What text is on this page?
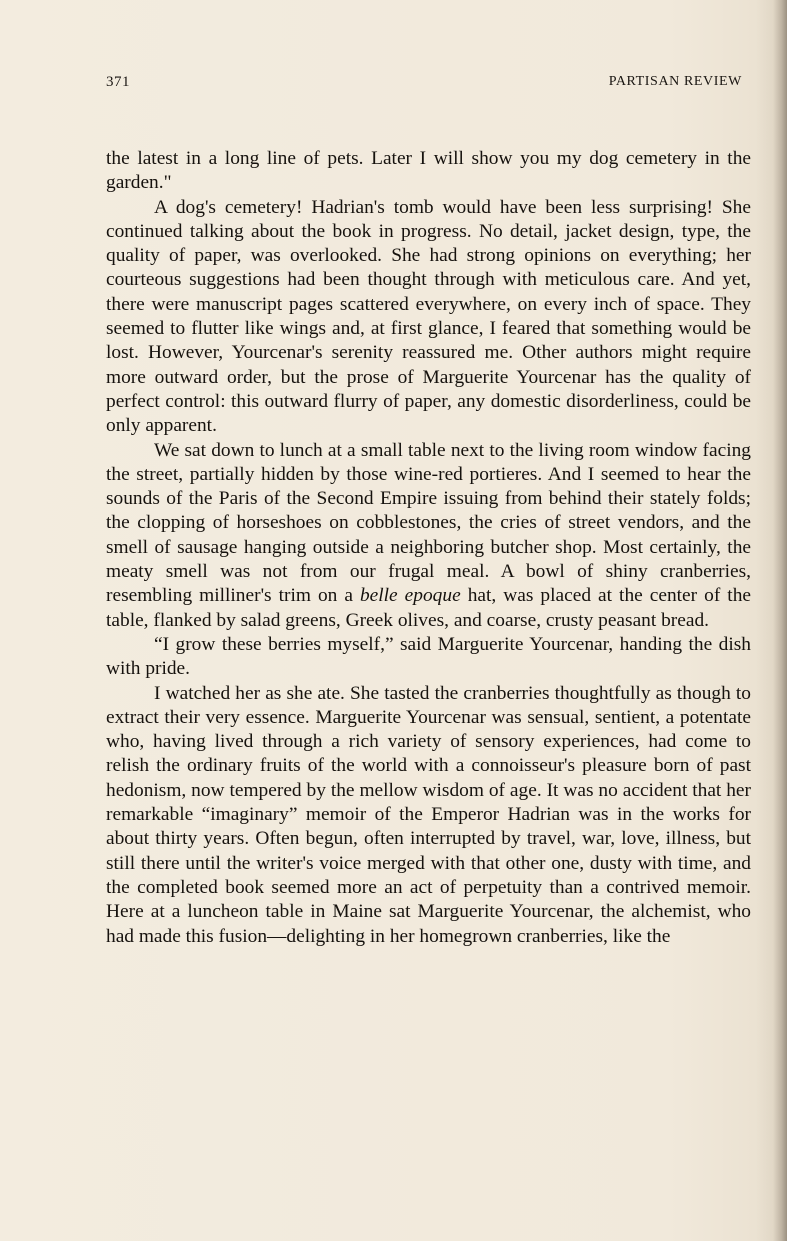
371	PARTISAN REVIEW

the latest in a long line of pets. Later I will show you my dog cemetery in the garden."

A dog's cemetery! Hadrian's tomb would have been less surprising! She continued talking about the book in progress. No detail, jacket design, type, the quality of paper, was overlooked. She had strong opinions on everything; her courteous suggestions had been thought through with meticulous care. And yet, there were manuscript pages scattered everywhere, on every inch of space. They seemed to flutter like wings and, at first glance, I feared that something would be lost. However, Yourcenar's serenity reassured me. Other authors might require more outward order, but the prose of Marguerite Yourcenar has the quality of perfect control: this outward flurry of paper, any domestic disorderliness, could be only apparent.

We sat down to lunch at a small table next to the living room window facing the street, partially hidden by those wine-red portieres. And I seemed to hear the sounds of the Paris of the Second Empire issuing from behind their stately folds; the clopping of horseshoes on cobblestones, the cries of street vendors, and the smell of sausage hanging outside a neighboring butcher shop. Most certainly, the meaty smell was not from our frugal meal. A bowl of shiny cranberries, resembling milliner's trim on a belle epoque hat, was placed at the center of the table, flanked by salad greens, Greek olives, and coarse, crusty peasant bread.

“I grow these berries myself,” said Marguerite Yourcenar, handing the dish with pride.

I watched her as she ate. She tasted the cranberries thoughtfully as though to extract their very essence. Marguerite Yourcenar was sensual, sentient, a potentate who, having lived through a rich variety of sensory experiences, had come to relish the ordinary fruits of the world with a connoisseur's pleasure born of past hedonism, now tempered by the mellow wisdom of age. It was no accident that her remarkable “imaginary” memoir of the Emperor Hadrian was in the works for about thirty years. Often begun, often interrupted by travel, war, love, illness, but still there until the writer's voice merged with that other one, dusty with time, and the completed book seemed more an act of perpetuity than a contrived memoir. Here at a luncheon table in Maine sat Marguerite Yourcenar, the alchemist, who had made this fusion—delighting in her homegrown cranberries, like the
